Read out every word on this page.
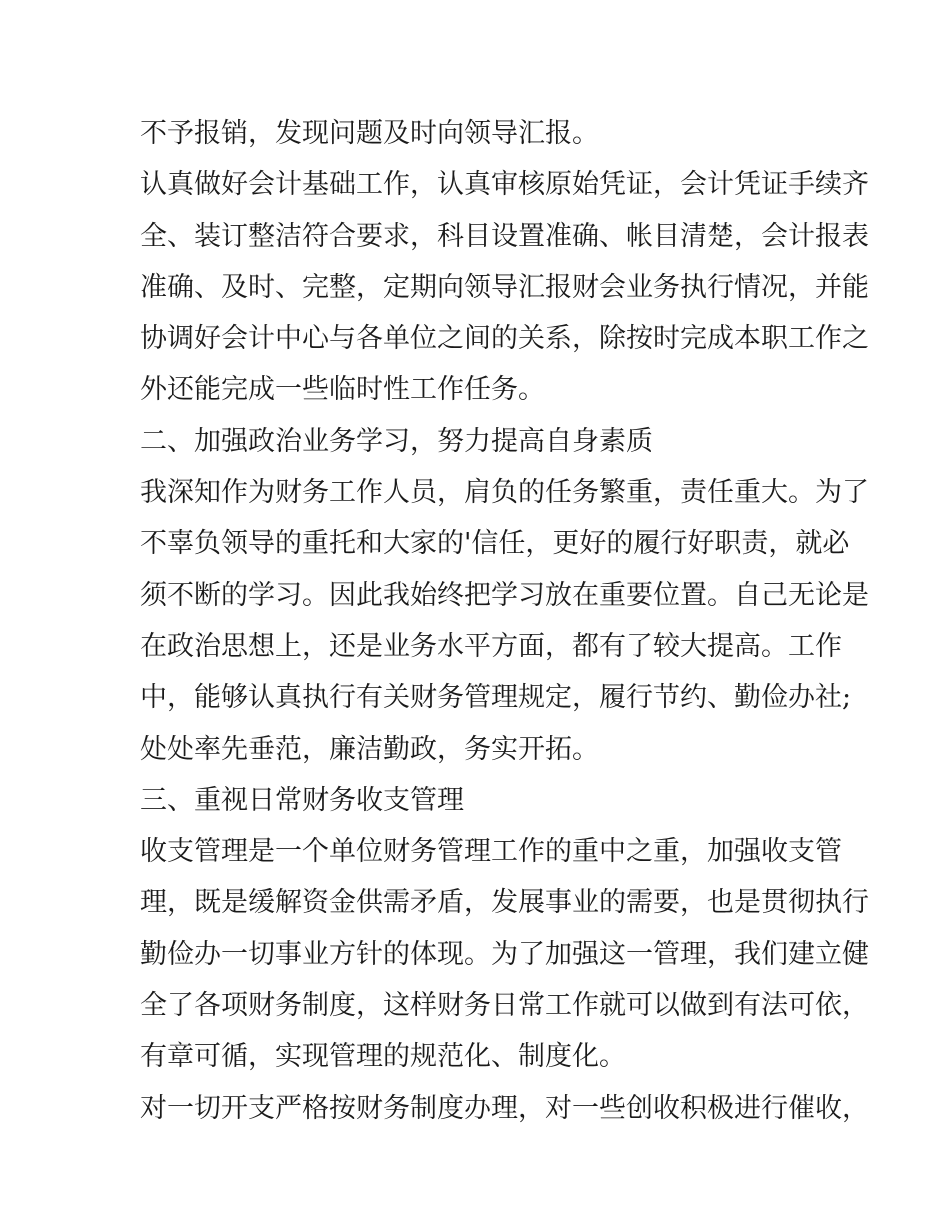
不予报销，发现问题及时向领导汇报。

认真做好会计基础工作，认真审核原始凭证，会计凭证手续齐

全、装订整洁符合要求，科目设置准确、帐目清楚，会计报表

准确、及时、完整，定期向领导汇报财会业务执行情况，并能

协调好会计中心与各单位之间的关系，除按时完成本职工作之

外还能完成一些临时性工作任务。

二、加强政治业务学习，努力提高自身素质

我深知作为财务工作人员，肩负的任务繁重，责任重大。为了

不辜负领导的重托和大家的'信任，更好的履行好职责，就必

须不断的学习。因此我始终把学习放在重要位置。自己无论是

在政治思想上，还是业务水平方面，都有了较大提高。工作

中，能够认真执行有关财务管理规定，履行节约、勤俭办社;

处处率先垂范，廉洁勤政，务实开拓。

三、重视日常财务收支管理

收支管理是一个单位财务管理工作的重中之重，加强收支管

理，既是缓解资金供需矛盾，发展事业的需要，也是贯彻执行

勤俭办一切事业方针的体现。为了加强这一管理，我们建立健

全了各项财务制度，这样财务日常工作就可以做到有法可依，

有章可循，实现管理的规范化、制度化。

对一切开支严格按财务制度办理，对一些创收积极进行催收，
